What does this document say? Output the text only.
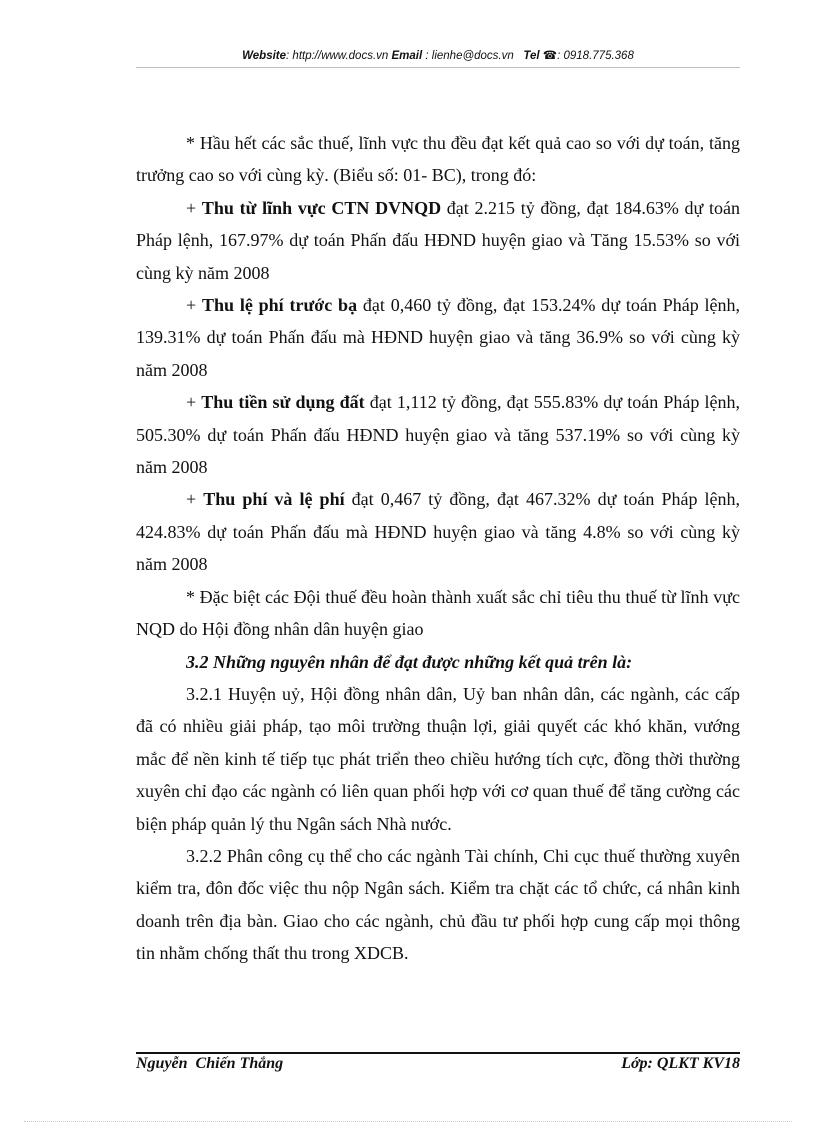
Website: http://www.docs.vn Email : lienhe@docs.vn Tel ☎: 0918.775.368

* Hầu hết các sắc thuế, lĩnh vực thu đều đạt kết quả cao so với dự toán, tăng trưởng cao so với cùng kỳ. (Biểu số: 01- BC), trong đó:

+ Thu từ lĩnh vực CTN DVNQD đạt 2.215 tỷ đồng, đạt 184.63% dự toán Pháp lệnh, 167.97% dự toán Phấn đấu HĐND huyện giao và Tăng 15.53% so với cùng kỳ năm 2008

+ Thu lệ phí trước bạ đạt 0,460 tỷ đồng, đạt 153.24% dự toán Pháp lệnh, 139.31% dự toán Phấn đấu mà HĐND huyện giao và tăng 36.9% so với cùng kỳ năm 2008

+ Thu tiền sử dụng đất đạt 1,112 tỷ đồng, đạt 555.83% dự toán Pháp lệnh, 505.30% dự toán Phấn đấu HĐND huyện giao và tăng 537.19% so với cùng kỳ năm 2008

+ Thu phí và lệ phí đạt 0,467 tỷ đồng, đạt 467.32% dự toán Pháp lệnh, 424.83% dự toán Phấn đấu mà HĐND huyện giao và tăng 4.8% so với cùng kỳ năm 2008

* Đặc biệt các Đội thuế đều hoàn thành xuất sắc chỉ tiêu thu thuế từ lĩnh vực NQD do Hội đồng nhân dân huyện giao

3.2 Những nguyên nhân để đạt được những kết quả trên là:

3.2.1 Huyện uỷ, Hội đồng nhân dân, Uỷ ban nhân dân, các ngành, các cấp đã có nhiều giải pháp, tạo môi trường thuận lợi, giải quyết các khó khăn, vướng mắc để nền kinh tế tiếp tục phát triển theo chiều hướng tích cực, đồng thời thường xuyên chỉ đạo các ngành có liên quan phối hợp với cơ quan thuế để tăng cường các biện pháp quản lý thu Ngân sách Nhà nước.

3.2.2 Phân công cụ thể cho các ngành Tài chính, Chi cục thuế thường xuyên kiểm tra, đôn đốc việc thu nộp Ngân sách. Kiểm tra chặt các tổ chức, cá nhân kinh doanh trên địa bàn. Giao cho các ngành, chủ đầu tư phối hợp cung cấp mọi thông tin nhằm chống thất thu trong XDCB.

Nguyễn  Chiến Thắng	Lớp: QLKT KV18
